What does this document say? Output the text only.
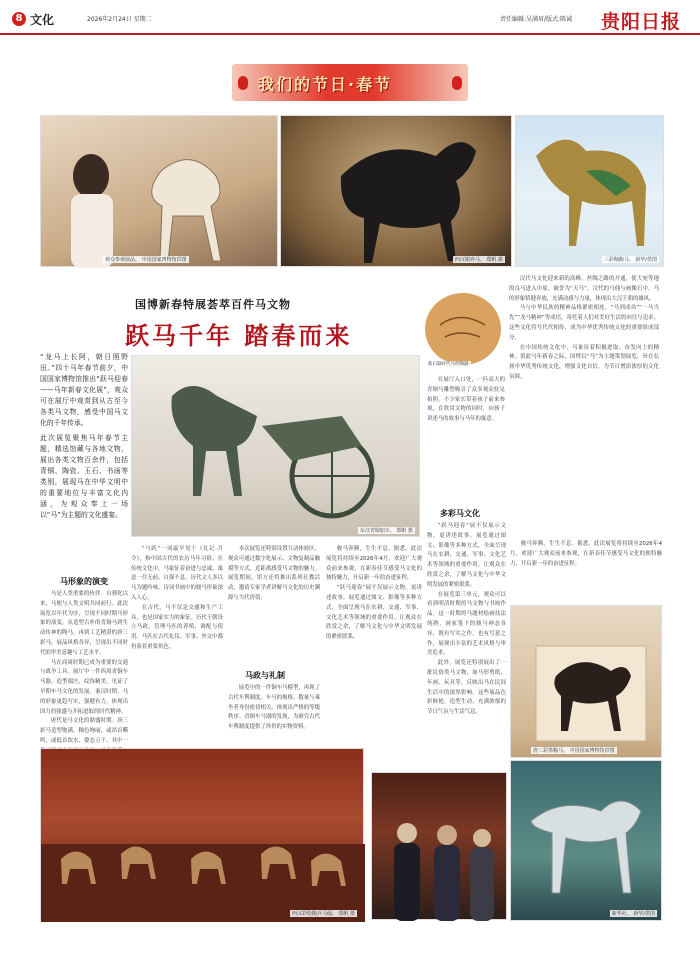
8 文化	2026年2月24日 星期二	责任编辑:吴满眉/版式:陈诚 贵阳日报
我们的节日·春节
观众参观展品。 中国国家博物馆供图	西汉铜奔马。 郑帆 摄	三彩釉陶马。 新华/供图
国博新春特展荟萃百件马文物
跃马千年 踏春而来
新石器时代马形陶器

“龙马上长阿，朝日照野田。”四十马年春节前夕，中国国家博物馆推出“跃马迎春——马年新春文化展”，观众可在展厅中观赏到从古至今各类马文物，感受中国马文化的千年传承。

此次展览聚焦马年春节主题，精选馆藏与各地文物，展出各类文物百余件，包括青铜、陶瓷、玉石、书画等类别，展现马在中华文明中的重要地位与丰富文化内涵，为观众奉上一场以“马”为主题的文化盛宴。

东汉青铜轺车。 郑帆 摄

汉代马文化迎来新的高峰。丝绸之路的开通，使大宛等地的良马进入中原，被誉为“天马”。汉代的马俑与画像石中，马的形象矫健奔放，充满动感与力量，体现出大汉王朝的雄风。

马与中华民族的精神品格紧密相连。“马到成功”“一马当先”“龙马精神”等成语，寄托着人们对美好生活的向往与追求。这些文化符号代代相传，成为中华优秀传统文化的重要组成部分。

在中国传统文化中，马象征着积极进取、奋发向上的精神。值此马年新春之际，国博以“马”为主题策划展览，旨在弘扬中华优秀传统文化，增强文化自信，为节日增添浓厚的文化氛围。

在展厅入口处，一匹高大的青铜马雕塑吸引了众多观众驻足拍照。不少家长带着孩子前来参观，在欣赏文物的同时，向孩子讲述马的故事与马年的寓意。

多彩马文化

“跃马迎春”展不仅展示文物，更讲述故事。展览通过图文、影像等多种方式，全面呈现马在农耕、交通、军事、文化艺术等领域的重要作用，让观众在欣赏之余，了解马文化与中华文明发展的紧密联系。

在展览第三单元，观众可以看到明清时期的马文物与书画作品。这一时期的马题材绘画技法纯熟，画家笔下的骏马神态各异，既有写实之作，也有写意之作，展现出丰富的艺术风格与审美追求。

此外，展览还特别展出了一批民俗类马文物，如马形剪纸、年画、玩具等，反映出马在民间生活中的深厚影响。这些展品色彩鲜艳，造型生动，充满浓郁的节日气氛与生活气息。

马形象的演变

马是人类重要的伙伴。自驯化以来，马便与人类文明共同前行。此次展览以年代为序，呈现不同时期马形象的演变。从造型古朴的青铜马到生动传神的陶马，再到工艺精湛的唐三彩马，展品风格各异，呈现出不同时代的审美意趣与工艺水平。

马在商周时期已成为重要的交通与战争工具。展厅中一件西周青铜车马器，造型端庄，纹饰精美，见证了早期车马文化的发展。秦汉时期，马的形象更趋写实，强健有力，体现出国力的强盛与开拓进取的时代精神。

唐代是马文化的鼎盛时期。唐三彩马造型饱满，釉色绚丽，或昂首嘶鸣，或低首饮水，姿态万千。其中一

“马跃”一词最早见于《礼记·月令》，指中国古代的农历马年习俗。在传统文化中，马象征着奋进与忠诚，寓意一往无前、自强不息。历代文人多以马为题吟咏，诗词书画中的骏马形象深入人心。

在古代，马不仅是交通和生产工具，也是国家实力的象征。历代王朝设立马政，管理马匹的养殖、调配与使用。马匹在古代礼仪、军事、外交中都扮演着重要角色。

本次展览还特别设置互动体验区，观众可通过数字化展示、文物复制品触摸等方式，近距离感受马文物的魅力。展览期间，馆方还将推出系列社教活动，邀请专家学者讲解马文化的历史渊源与当代价值。

马政与礼制

展览中的一件铜车马模型，再现了古代车舆制度。车马的规格、数量与乘坐者身份密切相关，体现出严格的等级秩序。青铜车马器的发现，为研究古代车舆制度提供了珍贵的实物资料。

骏马奔腾，生生不息。据悉，此次展览将持续至2026年4月，欢迎广大观众前来参观，在新春佳节感受马文化的独特魅力，开启新一年的奋进征程。

“跃马迎春”展不仅展示文物，更讲述故事。展览通过图文、影像等多种方式，全面呈现马在农耕、交通、军事、文化艺术等领域的重要作用，让观众在欣赏之余，了解马文化与中华文明发展的紧密联系。

骏马奔腾，生生不息。据悉，此次展览将持续至2026年4月，欢迎广大观众前来参观，在新春佳节感受马文化的独特魅力，开启新一年的奋进征程。

唐三彩黑釉马。 中国国家博物馆供图
西汉彩绘陶兵马俑。 郑帆 摄	新华社。 新华/供图
